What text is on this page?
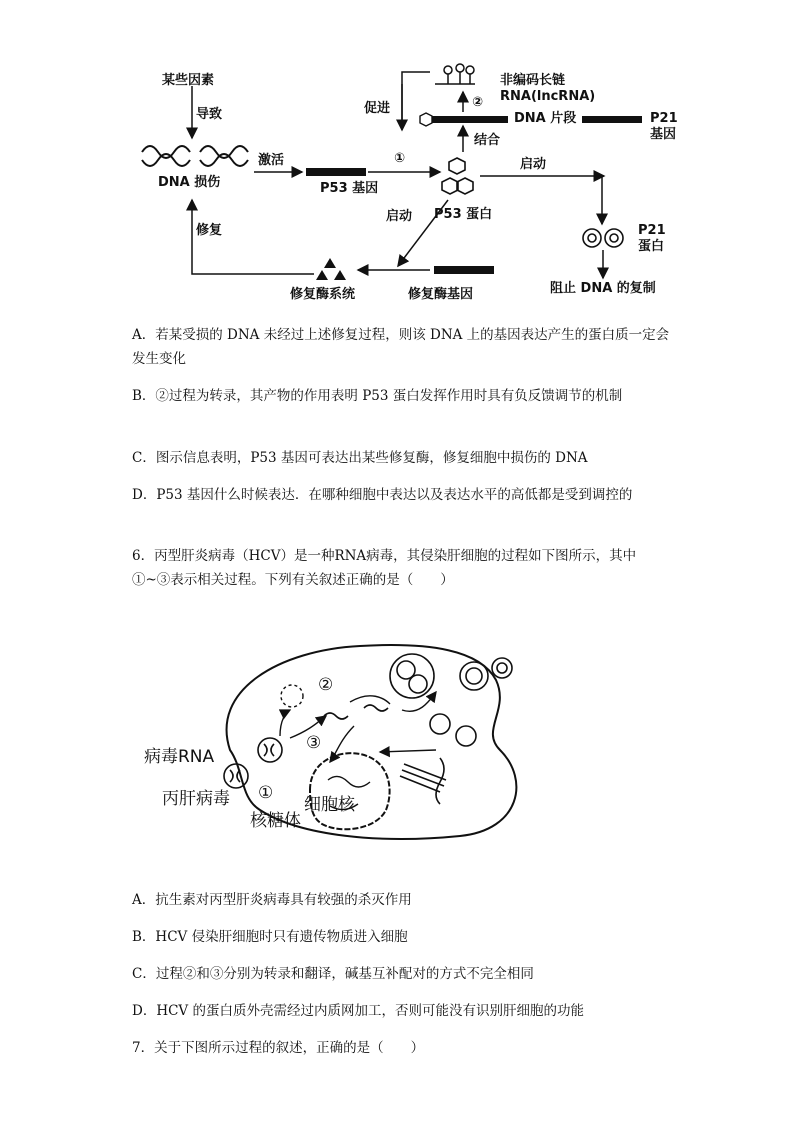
某些因素
导致
DNA 损伤
激活
P53 基因
促进
①
②
非编码长链
RNA(lncRNA)
DNA 片段	P21
基因
结合
启动
启动 P53 蛋白
P21
蛋白
修复
修复酶系统	修复酶基因	阻止 DNA 的复制

A．若某受损的 DNA 未经过上述修复过程，则该 DNA 上的基因表达产生的蛋白质一定会发生变化

B．②过程为转录，其产物的作用表明 P53 蛋白发挥作用时具有负反馈调节的机制

C．图示信息表明，P53 基因可表达出某些修复酶，修复细胞中损伤的 DNA

D．P53 基因什么时候表达．在哪种细胞中表达以及表达水平的高低都是受到调控的

6．丙型肝炎病毒（HCV）是一种RNA病毒，其侵染肝细胞的过程如下图所示，其中①~③表示相关过程。下列有关叙述正确的是（　　）

病毒RNA
丙肝病毒
核糖体
细胞核
①
②
③

A．抗生素对丙型肝炎病毒具有较强的杀灭作用

B．HCV 侵染肝细胞时只有遗传物质进入细胞

C．过程②和③分别为转录和翻译，碱基互补配对的方式不完全相同

D．HCV 的蛋白质外壳需经过内质网加工，否则可能没有识别肝细胞的功能

7．关于下图所示过程的叙述，正确的是（　　）
